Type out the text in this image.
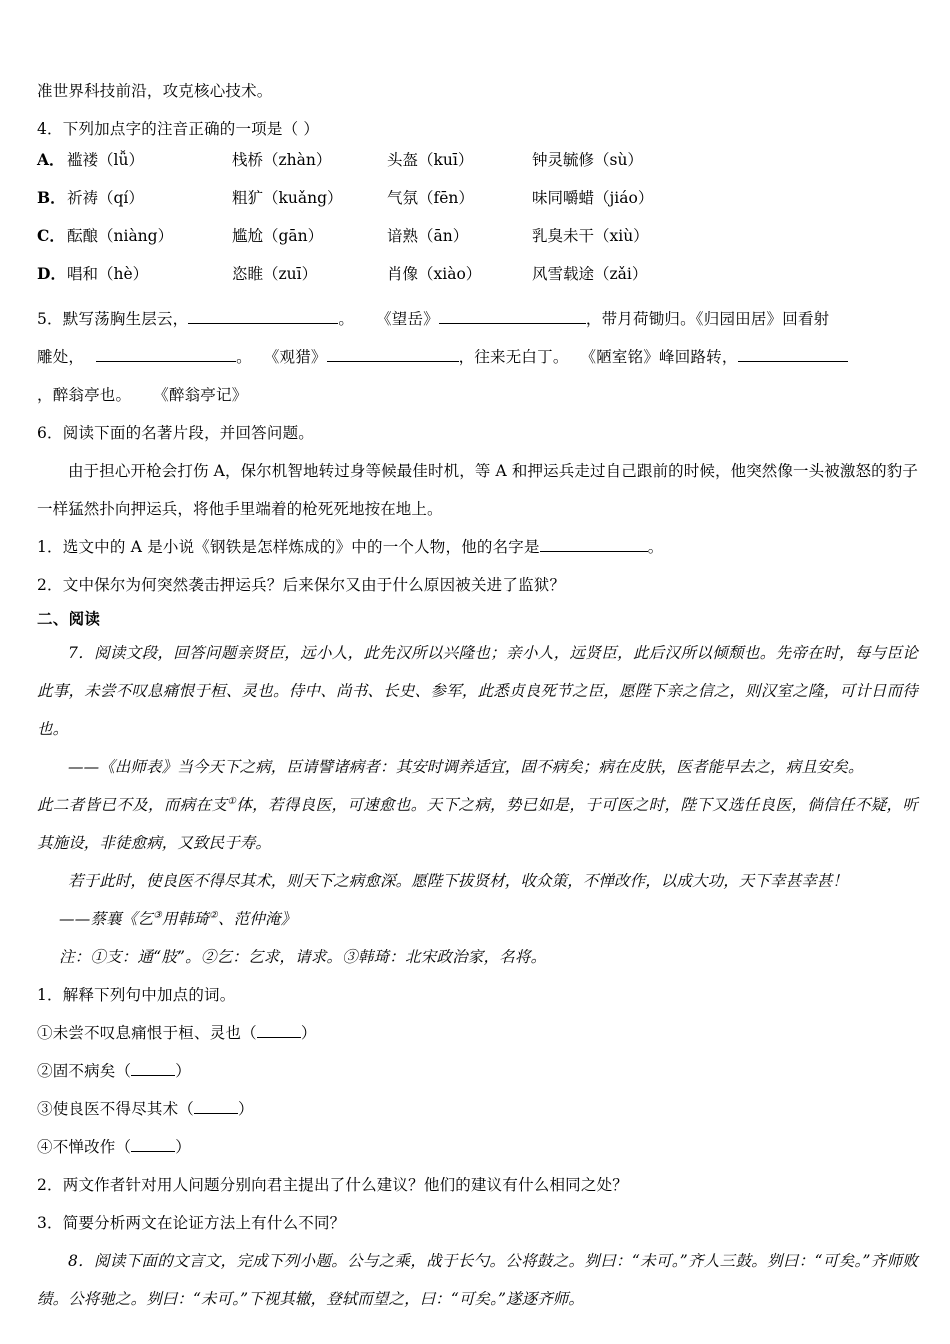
准世界科技前沿，攻克核心技术。
4．下列加点字的注音正确的一项是（ ）
A． 褴褛（lǚ）	栈桥（zhàn）	头盔（kuī）	钟灵毓修（sù）
B． 祈祷（qí）	粗犷（kuǎng）	气氛（fēn）	味同嚼蜡（jiáo）
C． 酝酿（niàng）	尴尬（gān）	谙熟（ān）	乳臭未干（xiù）
D． 唱和（hè）	恣睢（zuī）	肖像（xiào）	风雪载途（zǎi）
5．默写荡胸生层云，	。 《望岳》	，带月荷锄归。《归园田居》回看射
雕处，	。 《观猎》	，往来无白丁。 《陋室铭》峰回路转，
，醉翁亭也。 《醉翁亭记》
6．阅读下面的名著片段，并回答问题。
由于担心开枪会打伤 A，保尔机智地转过身等候最佳时机，等 A 和押运兵走过自己跟前的时候，他突然像一头被激怒的豹子一样猛然扑向押运兵，将他手里端着的枪死死地按在地上。
1．选文中的 A 是小说《钢铁是怎样炼成的》中的一个人物，他的名字是	。
2．文中保尔为何突然袭击押运兵？后来保尔又由于什么原因被关进了监狱？
二、阅读
7．阅读文段，回答问题亲贤臣，远小人，此先汉所以兴隆也；亲小人，远贤臣，此后汉所以倾颓也。先帝在时，每与臣论此事，未尝不叹息痛恨于桓、灵也。侍中、尚书、长史、参军，此悉贞良死节之臣，愿陛下亲之信之，则汉室之隆，可计日而待也。
——《出师表》当今天下之病，臣请譬诸病者：其安时调养适宜，固不病矣；病在皮肤，医者能早去之，病且安矣。
此二者皆已不及，而病在支①体，若得良医，可速愈也。天下之病，势已如是，于可医之时，陛下又选任良医，倘信任不疑，听其施设，非徒愈病，又致民于寿。
若于此时，使良医不得尽其术，则天下之病愈深。愿陛下拔贤材，收众策，不惮改作，以成大功，天下幸甚幸甚！
——蔡襄《乞③用韩琦②、范仲淹》
注：①支：通“肢”。②乞：乞求，请求。③韩琦：北宋政治家，名将。
1．解释下列句中加点的词。
①未尝不叹息痛恨于桓、灵也（	）
②固不病矣（	）
③使良医不得尽其术（	）
④不惮改作（	）
2．两文作者针对用人问题分别向君主提出了什么建议？他们的建议有什么相同之处？
3．简要分析两文在论证方法上有什么不同？
8．阅读下面的文言文，完成下列小题。公与之乘，战于长勺。公将鼓之。刿曰：“未可。”齐人三鼓。刿曰：“可矣。”齐师败绩。公将驰之。刿曰：“未可。”下视其辙，登轼而望之，曰：“可矣。”遂逐齐师。
